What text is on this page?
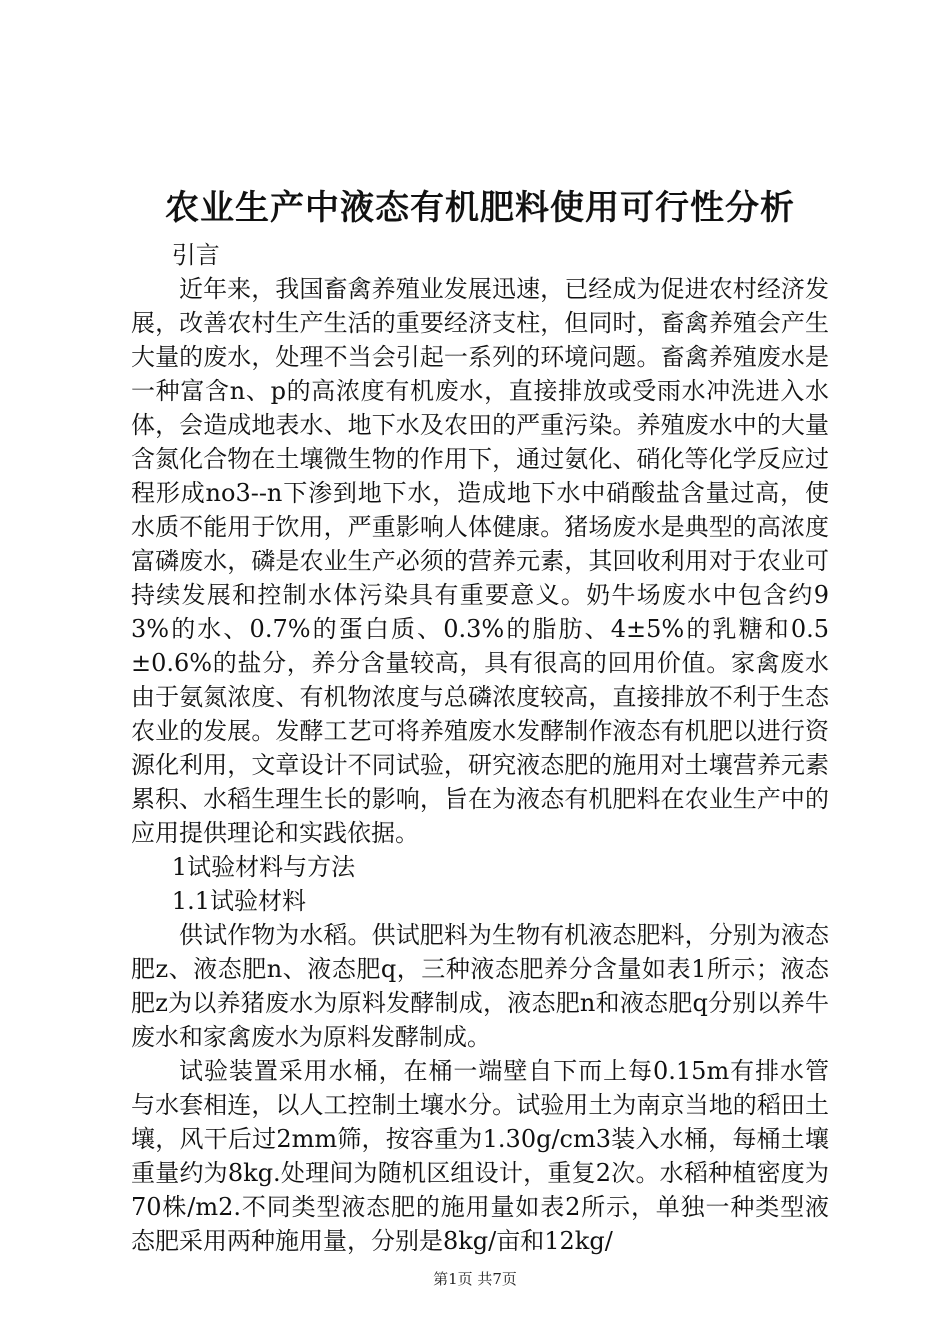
农业生产中液态有机肥料使用可行性分析

引言

近年来，我国畜禽养殖业发展迅速，已经成为促进农村经济发展，改善农村生产生活的重要经济支柱，但同时，畜禽养殖会产生大量的废水，处理不当会引起一系列的环境问题。畜禽养殖废水是一种富含n、p的高浓度有机废水，直接排放或受雨水冲洗进入水体，会造成地表水、地下水及农田的严重污染。养殖废水中的大量含氮化合物在土壤微生物的作用下，通过氨化、硝化等化学反应过程形成no3--n下渗到地下水，造成地下水中硝酸盐含量过高，使水质不能用于饮用，严重影响人体健康。猪场废水是典型的高浓度富磷废水，磷是农业生产必须的营养元素，其回收利用对于农业可持续发展和控制水体污染具有重要意义。奶牛场废水中包含约93%的水、0.7%的蛋白质、0.3%的脂肪、4±5%的乳糖和0.5±0.6%的盐分，养分含量较高，具有很高的回用价值。家禽废水由于氨氮浓度、有机物浓度与总磷浓度较高，直接排放不利于生态农业的发展。发酵工艺可将养殖废水发酵制作液态有机肥以进行资源化利用，文章设计不同试验，研究液态肥的施用对土壤营养元素累积、水稻生理生长的影响，旨在为液态有机肥料在农业生产中的应用提供理论和实践依据。

1试验材料与方法

1.1试验材料

供试作物为水稻。供试肥料为生物有机液态肥料，分别为液态肥z、液态肥n、液态肥q，三种液态肥养分含量如表1所示；液态肥z为以养猪废水为原料发酵制成，液态肥n和液态肥q分别以养牛废水和家禽废水为原料发酵制成。

试验装置采用水桶，在桶一端壁自下而上每0.15m有排水管与水套相连，以人工控制土壤水分。试验用土为南京当地的稻田土壤，风干后过2mm筛，按容重为1.30g/cm3装入水桶，每桶土壤重量约为8kg.处理间为随机区组设计，重复2次。水稻种植密度为70株/m2.不同类型液态肥的施用量如表2所示，单独一种类型液态肥采用两种施用量，分别是8kg/亩和12kg/

第1页 共7页
